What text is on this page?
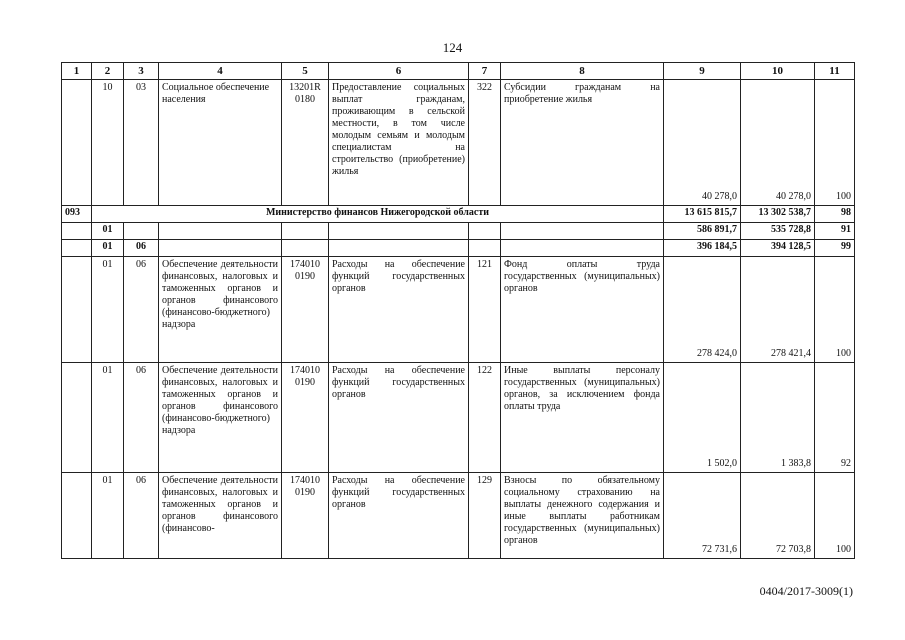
124
1	2	3	4	5	6	7	8	9	10	11
	10	03	Социальное обеспечение населения	13201R 0180	Предоставление социальных выплат гражданам, проживающим в сельской местности, в том числе молодым семьям и молодым специалистам на строительство (приобретение) жилья	322	Субсидии гражданам на приобретение жилья	40 278,0	40 278,0	100
093	Министерство финансов Нижегородской области							13 615 815,7	13 302 538,7	98
	01							586 891,7	535 728,8	91
	01	06						396 184,5	394 128,5	99
	01	06	Обеспечение деятельности финансовых, налоговых и таможенных органов и органов финансового (финансово-бюджетного) надзора	174010 0190	Расходы на обеспечение функций государственных органов	121	Фонд оплаты труда государственных (муниципальных) органов	278 424,0	278 421,4	100
	01	06	Обеспечение деятельности финансовых, налоговых и таможенных органов и органов финансового (финансово-бюджетного) надзора	174010 0190	Расходы на обеспечение функций государственных органов	122	Иные выплаты персоналу государственных (муниципальных) органов, за исключением фонда оплаты труда	1 502,0	1 383,8	92
	01	06	Обеспечение деятельности финансовых, налоговых и таможенных органов и органов финансового (финансово-	174010 0190	Расходы на обеспечение функций государственных органов	129	Взносы по обязательному социальному страхованию на выплаты денежного содержания и иные выплаты работникам государственных (муниципальных) органов	72 731,6	72 703,8	100
0404/2017-3009(1)
